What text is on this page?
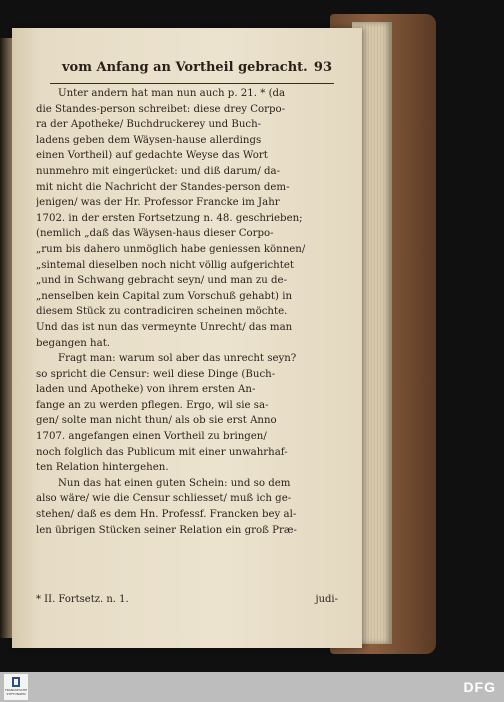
vom Anfang an Vortheil gebracht. 93
Unter andern hat man nun auch p. 21. * (da
die Standes-person schreibet: diese drey Corpo-
ra der Apotheke/ Buchdruckerey und Buch-
ladens geben dem Wäysen-hause allerdings
einen Vortheil) auf gedachte Weyse das Wort
nunmehro mit eingerücket: und diß darum/ da-
mit nicht die Nachricht der Standes-person dem-
jenigen/ was der Hr. Professor Francke im Jahr
1702. in der ersten Fortsetzung n. 48. geschrieben;
(nemlich „daß das Wäysen-haus dieser Corpo-
„rum bis dahero unmöglich habe geniessen können/
„sintemal dieselben noch nicht völlig aufgerichtet
„und in Schwang gebracht seyn/ und man zu de-
„nenselben kein Capital zum Vorschuß gehabt) in
diesem Stück zu contradiciren scheinen möchte.
Und das ist nun das vermeynte Unrecht/ das man
begangen hat.
Fragt man: warum sol aber das unrecht seyn?
so spricht die Censur: weil diese Dinge (Buch-
laden und Apotheke) von ihrem ersten An-
fange an zu werden pflegen. Ergo, wil sie sa-
gen/ solte man nicht thun/ als ob sie erst Anno
1707. angefangen einen Vortheil zu bringen/
noch folglich das Publicum mit einer unwahrhaf-
ten Relation hintergehen.
Nun das hat einen guten Schein: und so dem
also wäre/ wie die Censur schliesset/ muß ich ge-
stehen/ daß es dem Hn. Professf. Francken bey al-
len übrigen Stücken seiner Relation ein groß Præ-
* II. Fortsetz. n. 1.	judi-
FRANCKESCHE STIFTUNGEN	DFG
